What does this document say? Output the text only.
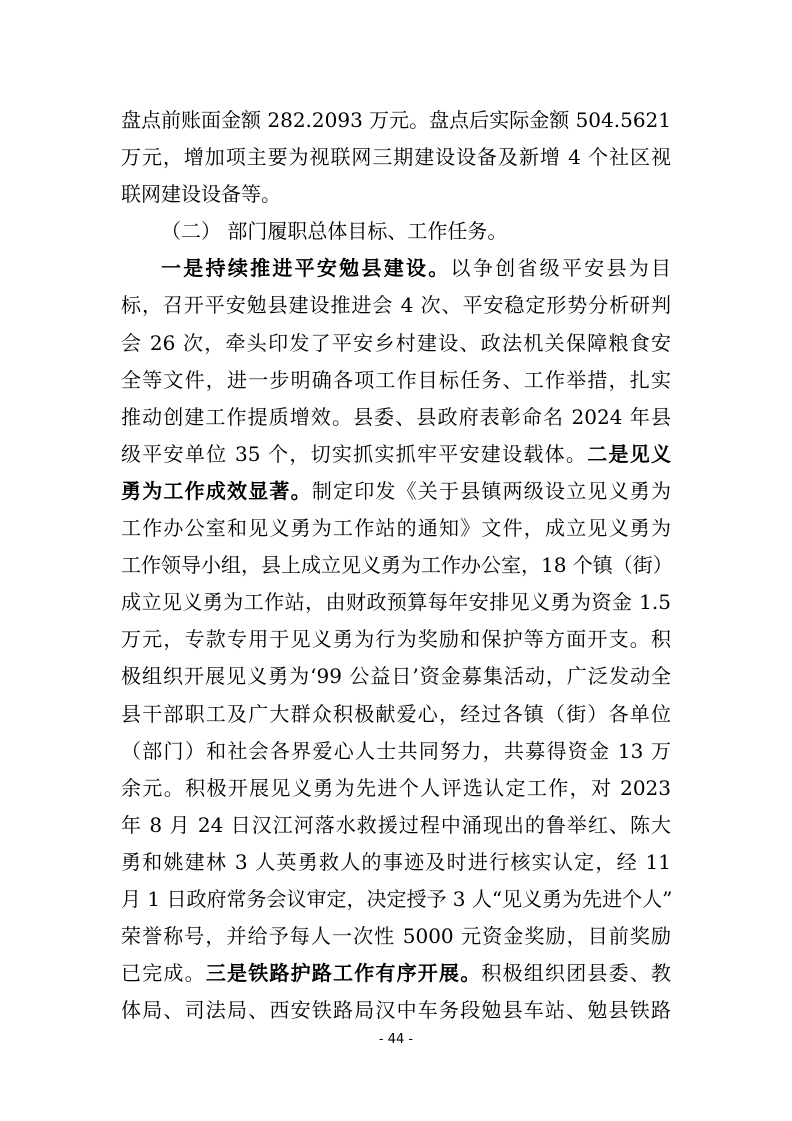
盘点前账面金额 282.2093 万元。盘点后实际金额 504.5621
万元，增加项主要为视联网三期建设设备及新增 4 个社区视
联网建设设备等。
（二） 部门履职总体目标、工作任务。
一是持续推进平安勉县建设。以争创省级平安县为目
标，召开平安勉县建设推进会 4 次、平安稳定形势分析研判
会 26 次，牵头印发了平安乡村建设、政法机关保障粮食安
全等文件，进一步明确各项工作目标任务、工作举措，扎实
推动创建工作提质增效。县委、县政府表彰命名 2024 年县
级平安单位 35 个，切实抓实抓牢平安建设载体。二是见义
勇为工作成效显著。制定印发《关于县镇两级设立见义勇为
工作办公室和见义勇为工作站的通知》文件，成立见义勇为
工作领导小组，县上成立见义勇为工作办公室，18 个镇（街）
成立见义勇为工作站，由财政预算每年安排见义勇为资金 1.5
万元，专款专用于见义勇为行为奖励和保护等方面开支。积
极组织开展见义勇为‘99 公益日’资金募集活动，广泛发动全
县干部职工及广大群众积极献爱心，经过各镇（街）各单位
（部门）和社会各界爱心人士共同努力，共募得资金 13 万
余元。积极开展见义勇为先进个人评选认定工作，对 2023
年 8 月 24 日汉江河落水救援过程中涌现出的鲁举红、陈大
勇和姚建林 3 人英勇救人的事迹及时进行核实认定，经 11
月 1 日政府常务会议审定，决定授予 3 人“见义勇为先进个人”
荣誉称号，并给予每人一次性 5000 元资金奖励，目前奖励
已完成。三是铁路护路工作有序开展。积极组织团县委、教
体局、司法局、西安铁路局汉中车务段勉县车站、勉县铁路
- 44 -
